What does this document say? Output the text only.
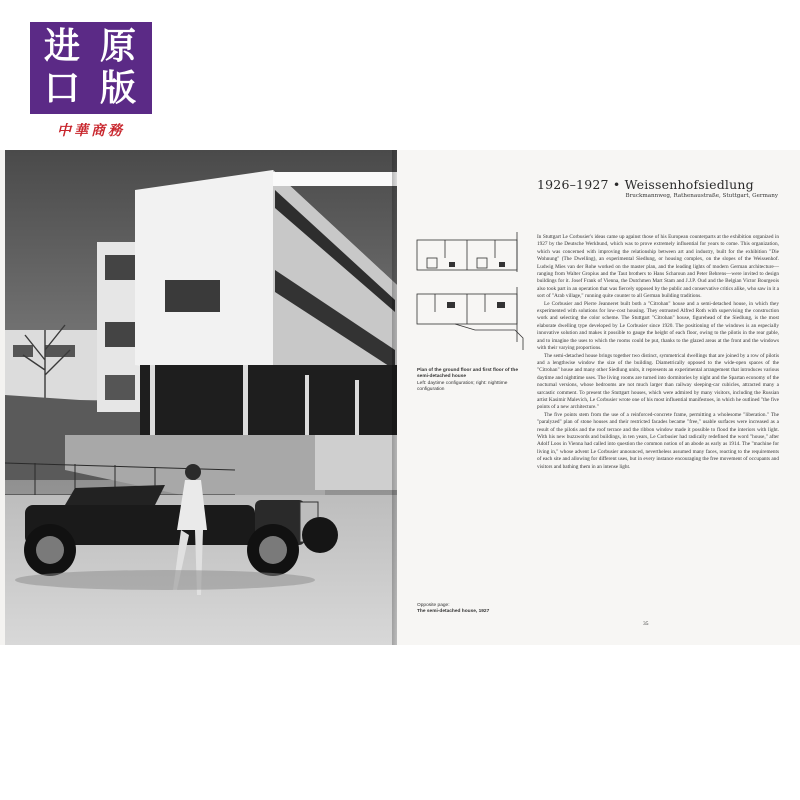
进 原
口 版
中華商務
1926–1927 • Weissenhofsiedlung
Bruckmannweg, Rathenaustraße, Stuttgart, Germany
Plan of the ground floor and first floor of the semi-detached house
Left: daytime configuration; right: nighttime configuration
Opposite page:
The semi-detached house, 1927

In Stuttgart Le Corbusier's ideas came up against those of his European counterparts at the exhibition organized in 1927 by the Deutsche Werkbund, which was to prove extremely influential for years to come. This organization, which was concerned with improving the relationship between art and industry, built for the exhibition "Die Wohnung" (The Dwelling), an experimental Siedlung, or housing complex, on the slopes of the Weissenhof. Ludwig Mies van der Rohe worked on the master plan, and the leading lights of modern German architecture—ranging from Walter Gropius and the Taut brothers to Hans Scharoun and Peter Behrens—were invited to design buildings for it. Josef Frank of Vienna, the Dutchmen Mart Stam and J.J.P. Oud and the Belgian Victor Bourgeois also took part in an operation that was fiercely opposed by the public and conservative critics alike, who saw in it a sort of "Arab village," running quite counter to all German building traditions.

Le Corbusier and Pierre Jeanneret built both a "Citrohan" house and a semi-detached house, in which they experimented with solutions for low-cost housing. They entrusted Alfred Roth with supervising the construction work and selecting the color scheme. The Stuttgart "Citrohan" house, figurehead of the Siedlung, is the most elaborate dwelling type developed by Le Corbusier since 1920. The positioning of the windows is an especially innovative solution and makes it possible to gauge the height of each floor, owing to the pilotis in the rear gable, and to imagine the uses to which the rooms could be put, thanks to the glazed areas at the front and the windows with their varying proportions.

The semi-detached house brings together two distinct, symmetrical dwellings that are joined by a row of pilotis and a lengthwise window the size of the building. Diametrically opposed to the wide-open spaces of the "Citrohan" house and many other Siedlung units, it represents an experimental arrangement that introduces various daytime and nighttime uses. The living rooms are turned into dormitories by night and the Spartan economy of the nocturnal versions, whose bedrooms are not much larger than railway sleeping-car cubicles, attracted many a sarcastic comment. To present the Stuttgart houses, which were admired by many visitors, including the Russian artist Kasimir Malevich, Le Corbusier wrote one of his most influential manifestoes, in which he outlined "the five points of a new architecture."

The five points stem from the use of a reinforced-concrete frame, permitting a wholesome "liberation." The "paralyzed" plan of stone houses and their restricted facades became "free," usable surfaces were increased as a result of the pilotis and the roof terrace and the ribbon window made it possible to flood the interiors with light. With his new buzzwords and buildings, in ten years, Le Corbusier had radically redefined the word "house," after Adolf Loos in Vienna had called into question the common notion of an abode as early as 1914. The "machine for living in," whose advent Le Corbusier announced, nevertheless assumed many faces, reacting to the requirements of each site and allowing for different uses, but in every instance encouraging the free movement of occupants and visitors and bathing them in an intense light.

35
